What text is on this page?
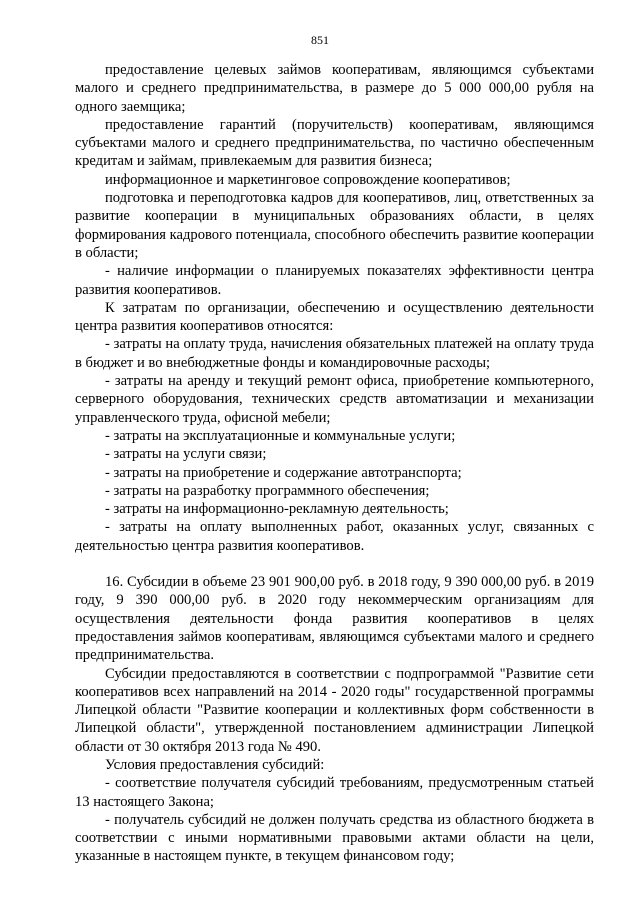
851

предоставление целевых займов кооперативам, являющимся субъектами малого и среднего предпринимательства, в размере до 5 000 000,00 рубля на одного заемщика;

предоставление гарантий (поручительств) кооперативам, являющимся субъектами малого и среднего предпринимательства, по частично обеспеченным кредитам и займам, привлекаемым для развития бизнеса;

информационное и маркетинговое сопровождение кооперативов;

подготовка и переподготовка кадров для кооперативов, лиц, ответственных за развитие кооперации в муниципальных образованиях области, в целях формирования кадрового потенциала, способного обеспечить развитие кооперации в области;

- наличие информации о планируемых показателях эффективности центра развития кооперативов.

К затратам по организации, обеспечению и осуществлению деятельности центра развития кооперативов относятся:

- затраты на оплату труда, начисления обязательных платежей на оплату труда в бюджет и во внебюджетные фонды и командировочные расходы;

- затраты на аренду и текущий ремонт офиса, приобретение компьютерного, серверного оборудования, технических средств автоматизации и механизации управленческого труда, офисной мебели;

- затраты на эксплуатационные и коммунальные услуги;

- затраты на услуги связи;

- затраты на приобретение и содержание автотранспорта;

- затраты на разработку программного обеспечения;

- затраты на информационно-рекламную деятельность;

- затраты на оплату выполненных работ, оказанных услуг, связанных с деятельностью центра развития кооперативов.

16. Субсидии в объеме 23 901 900,00 руб. в 2018 году, 9 390 000,00 руб. в 2019 году, 9 390 000,00 руб. в 2020 году некоммерческим организациям для осуществления деятельности фонда развития кооперативов в целях предоставления займов кооперативам, являющимся субъектами малого и среднего предпринимательства.

Субсидии предоставляются в соответствии с подпрограммой "Развитие сети кооперативов всех направлений на 2014 - 2020 годы" государственной программы Липецкой области "Развитие кооперации и коллективных форм собственности в Липецкой области", утвержденной постановлением администрации Липецкой области от 30 октября 2013 года № 490.

Условия предоставления субсидий:

- соответствие получателя субсидий требованиям, предусмотренным статьей 13 настоящего Закона;

- получатель субсидий не должен получать средства из областного бюджета в соответствии с иными нормативными правовыми актами области на цели, указанные в настоящем пункте, в текущем финансовом году;
